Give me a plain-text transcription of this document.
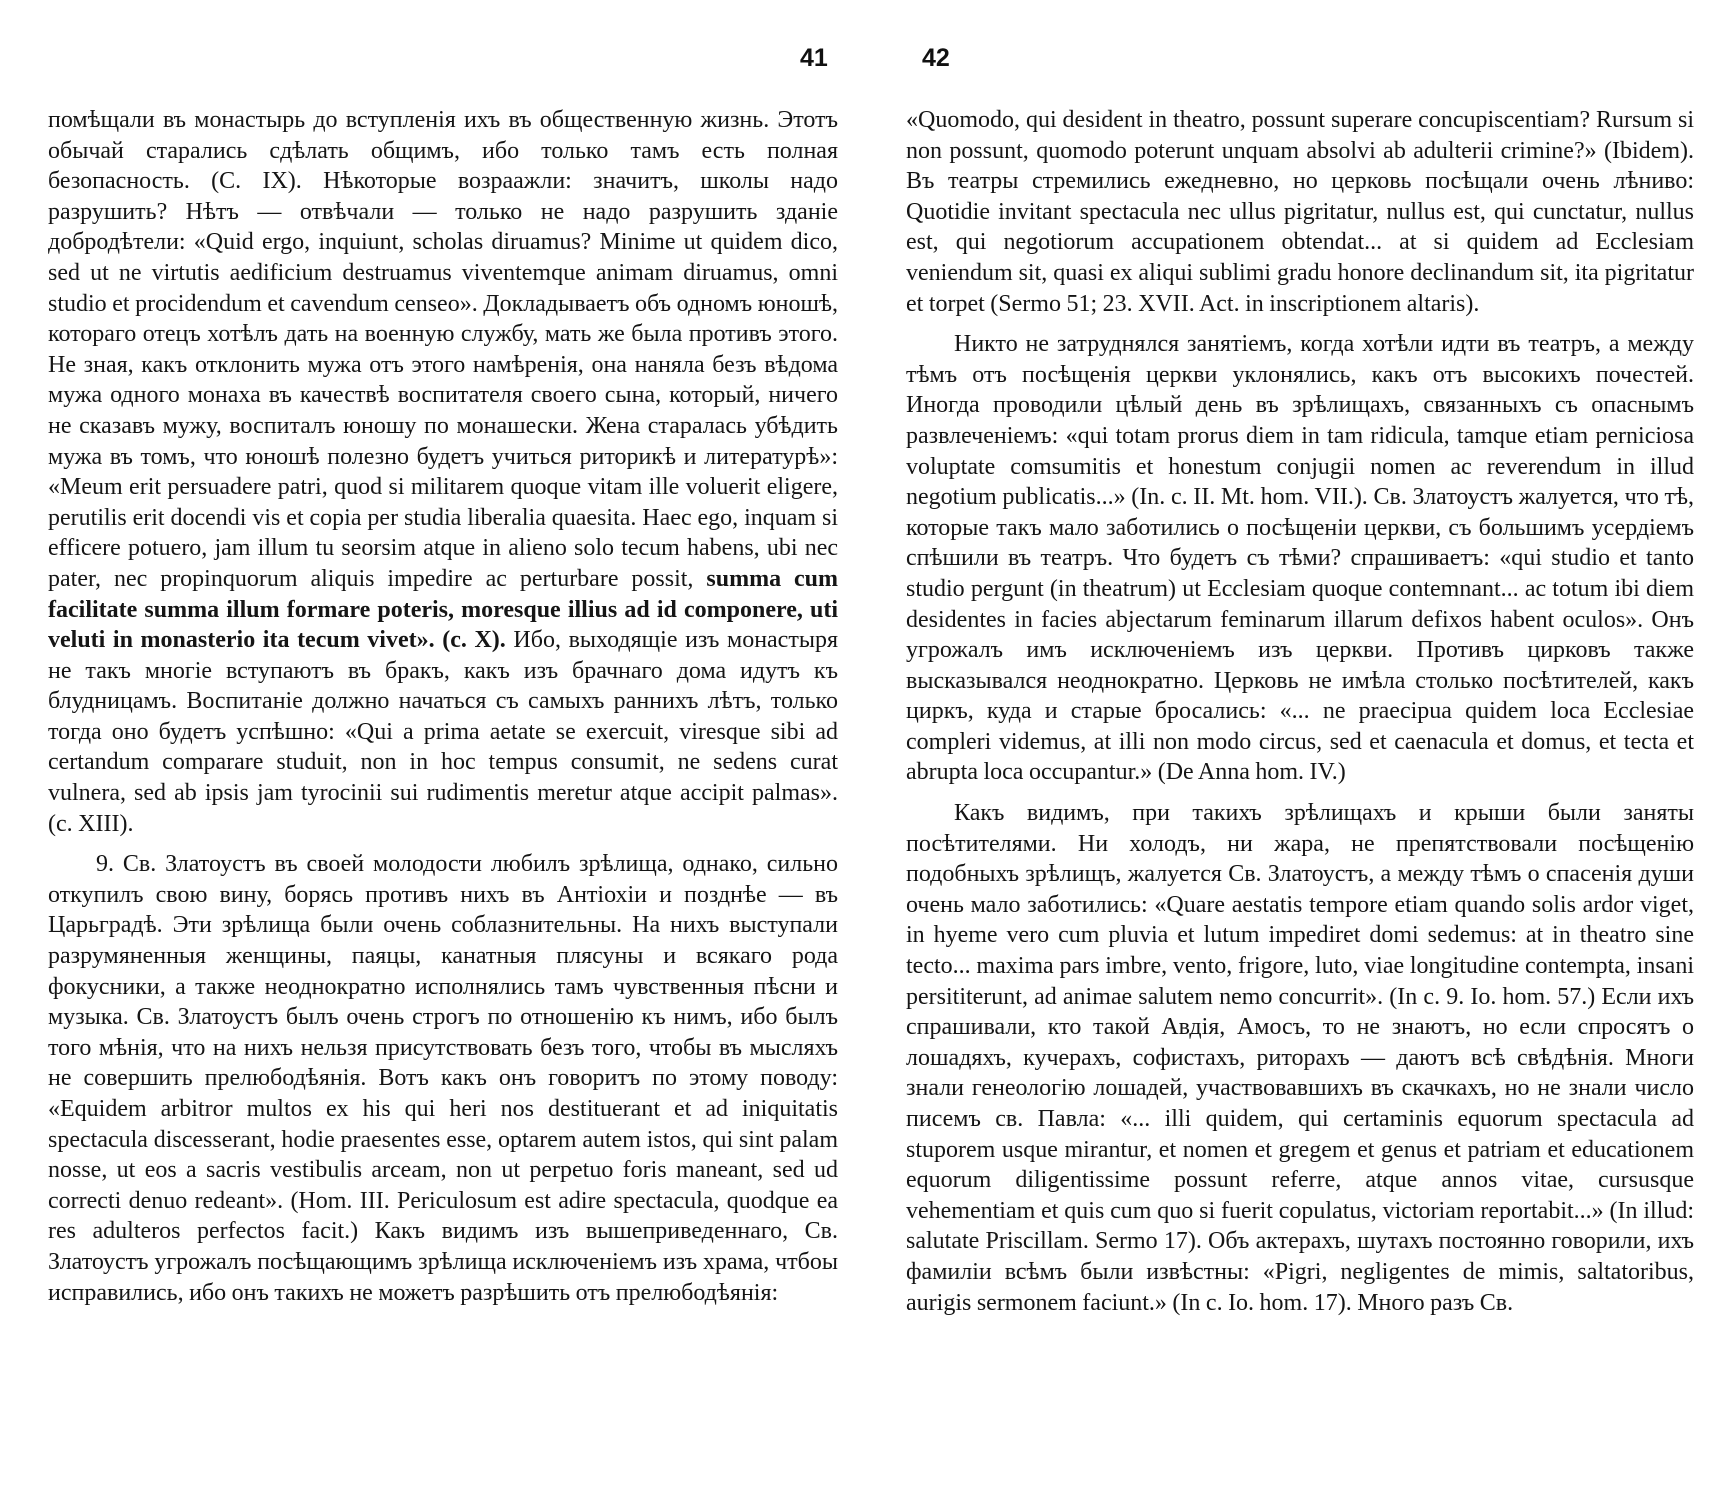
41

помѣщали въ монастырь до вступленія ихъ въ общественную жизнь. Этотъ обычай старались сдѣлать общимъ, ибо только тамъ есть полная безопасность. (C. IX). Нѣкоторые возраажли: значитъ, школы надо разрушить? Нѣтъ — отвѣчали — только не надо разрушить зданіе добродѣтели: «Quid ergo, inquiunt, scholas diruamus? Minime ut quidem dico, sed ut ne virtutis aedificium destruamus viventemque animam diruamus, omni studio et procidendum et cavendum censeo». Докладываетъ объ одномъ юношѣ, котораго отецъ хотѣлъ дать на военную службу, мать же была противъ этого. Не зная, какъ отклонить мужа отъ этого намѣренія, она наняла безъ вѣдома мужа одного монаха въ качествѣ воспитателя своего сына, который, ничего не сказавъ мужу, воспиталъ юношу по монашески. Жена старалась убѣдить мужа въ томъ, что юношѣ полезно будетъ учиться риторикѣ и литературѣ»: «Meum erit persuadere patri, quod si militarem quoque vitam ille voluerit eligere, perutilis erit docendi vis et copia per studia liberalia quaesita. Haec ego, inquam si efficere potuero, jam illum tu seorsim atque in alieno solo tecum habens, ubi nec pater, nec propinquorum aliquis impedire ac perturbare possit, summa cum facilitate summa illum formare poteris, moresque illius ad id componere, uti veluti in monasterio ita tecum vivet». (c. X). Ибо, выходящіе изъ монастыря не такъ многіе вступаютъ въ бракъ, какъ изъ брачнаго дома идутъ къ блудницамъ. Воспитаніе должно начаться съ самыхъ раннихъ лѣтъ, только тогда оно будетъ успѣшно: «Qui a prima aetate se exercuit, viresque sibi ad certandum comparare studuit, non in hoc tempus consumit, ne sedens curat vulnera, sed ab ipsis jam tyrocinii sui rudimentis meretur atque accipit palmas». (c. XIII).

9. Св. Златоустъ въ своей молодости любилъ зрѣлища, однако, сильно откупилъ свою вину, борясь противъ нихъ въ Антіохіи и позднѣе — въ Царьградѣ. Эти зрѣлища были очень соблазнительны. На нихъ выступали разрумяненныя женщины, паяцы, канатныя плясуны и всякаго рода фокусники, а также неоднократно исполнялись тамъ чувственныя пѣсни и музыка. Св. Златоустъ былъ очень строгъ по отношенію къ нимъ, ибо былъ того мѣнія, что на нихъ нельзя присутствовать безъ того, чтобы въ мысляхъ не совершить прелюбодѣянія. Вотъ какъ онъ говоритъ по этому поводу: «Equidem arbitror multos ex his qui heri nos destituerant et ad iniquitatis spectacula discesserant, hodie praesentes esse, optarem autem istos, qui sint palam nosse, ut eos a sacris vestibulis arceam, non ut perpetuo foris maneant, sed ud correcti denuo redeant». (Hom. III. Periculosum est adire spectacula, quodque ea res adulteros perfectos facit.) Какъ видимъ изъ вышеприведеннаго, Св. Златоустъ угрожалъ посѣщающимъ зрѣлища исключеніемъ изъ храма, чтбоы исправились, ибо онъ такихъ не можетъ разрѣшить отъ прелюбодѣянія:

42

«Quomodo, qui desident in theatro, possunt superare concupiscentiam? Rursum si non possunt, quomodo poterunt unquam absolvi ab adulterii crimine?» (Ibidem). Въ театры стремились ежедневно, но церковь посѣщали очень лѣниво: Quotidie invitant spectacula nec ullus pigritatur, nullus est, qui cunctatur, nullus est, qui negotiorum accupationem obtendat... at si quidem ad Ecclesiam veniendum sit, quasi ex aliqui sublimi gradu honore declinandum sit, ita pigritatur et torpet (Sermo 51; 23. XVII. Act. in inscriptionem altaris).

Никто не затруднялся занятіемъ, когда хотѣли идти въ театръ, а между тѣмъ отъ посѣщенія церкви уклонялись, какъ отъ высокихъ почестей. Иногда проводили цѣлый день въ зрѣлищахъ, связанныхъ съ опаснымъ развлеченіемъ: «qui totam prorus diem in tam ridicula, tamque etiam perniciosa voluptate comsumitis et honestum conjugii nomen ac reverendum in illud negotium publicatis...» (In. c. II. Mt. hom. VII.). Св. Златоустъ жалуется, что тѣ, которые такъ мало заботились о посѣщеніи церкви, съ большимъ усердіемъ спѣшили въ театръ. Что будетъ съ тѣми? спрашиваетъ: «qui studio et tanto studio pergunt (in theatrum) ut Ecclesiam quoque contemnant... ac totum ibi diem desidentes in facies abjectarum feminarum illarum defixos habent oculos». Онъ угрожалъ имъ исключеніемъ изъ церкви. Противъ цирковъ также высказывался неоднократно. Церковь не имѣла столько посѣтителей, какъ циркъ, куда и старые бросались: «... ne praecipua quidem loca Ecclesiae compleri videmus, at illi non modo circus, sed et caenacula et domus, et tecta et abrupta loca occupantur.» (De Anna hom. IV.)

Какъ видимъ, при такихъ зрѣлищахъ и крыши были заняты посѣтителями. Ни холодъ, ни жара, не препятствовали посѣщенію подобныхъ зрѣлищъ, жалуется Св. Златоустъ, а между тѣмъ о спасенія души очень мало заботились: «Quare aestatis tempore etiam quando solis ardor viget, in hyeme vero cum pluvia et lutum impediret domi sedemus: at in theatro sine tecto... maxima pars imbre, vento, frigore, luto, viae longitudine contempta, insani persititerunt, ad animae salutem nemo concurrit». (In c. 9. Io. hom. 57.) Если ихъ спрашивали, кто такой Авдія, Амосъ, то не знаютъ, но если спросятъ о лошадяхъ, кучерахъ, софистахъ, риторахъ — даютъ всѣ свѣдѣнія. Многи знали генеологію лошадей, участвовавшихъ въ скачкахъ, но не знали число писемъ св. Павла: «... illi quidem, qui certaminis equorum spectacula ad stuporem usque mirantur, et nomen et gregem et genus et patriam et educationem equorum diligentissime possunt referre, atque annos vitae, cursusque vehementiam et quis cum quo si fuerit copulatus, victoriam reportabit...» (In illud: salutate Priscillam. Sermo 17). Объ актерахъ, шутахъ постоянно говорили, ихъ фамиліи всѣмъ были извѣстны: «Pigri, negligentes de mimis, saltatoribus, aurigis sermonem faciunt.» (In c. Io. hom. 17). Много разъ Св.
